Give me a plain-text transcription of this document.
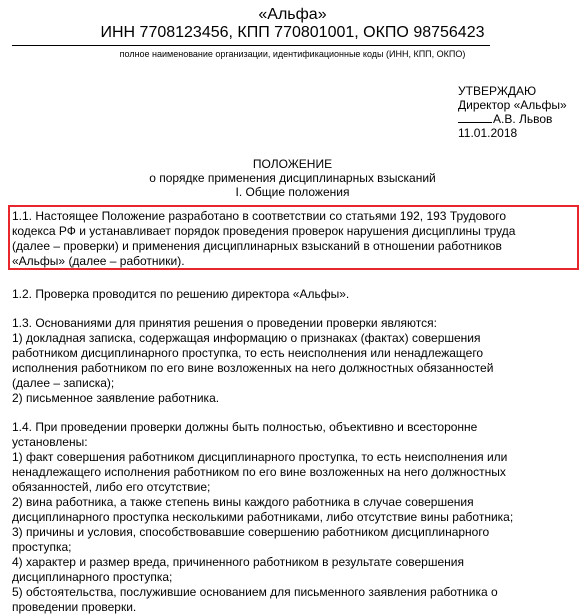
«Альфа»
ИНН 7708123456, КПП 770801001, ОКПО 98756423
полное наименование организации, идентификационные коды (ИНН, КПП, ОКПО)
УТВЕРЖДАЮ
Директор «Альфы»
А.В. Львов
11.01.2018
ПОЛОЖЕНИЕ
о порядке применения дисциплинарных взысканий
I. Общие положения

1.1. Настоящее Положение разработано в соответствии со статьями 192, 193 Трудового
кодекса РФ и устанавливает порядок проведения проверок нарушения дисциплины труда
(далее – проверки) и применения дисциплинарных взысканий в отношении работников
«Альфы» (далее – работники).

1.2. Проверка проводится по решению директора «Альфы».

1.3. Основаниями для принятия решения о проведении проверки являются:
1) докладная записка, содержащая информацию о признаках (фактах) совершения
работником дисциплинарного проступка, то есть неисполнения или ненадлежащего
исполнения работником по его вине возложенных на него должностных обязанностей
(далее – записка);
2) письменное заявление работника.

1.4. При проведении проверки должны быть полностью, объективно и всесторонне
установлены:
1) факт совершения работником дисциплинарного проступка, то есть неисполнения или
ненадлежащего исполнения работником по его вине возложенных на него должностных
обязанностей, либо его отсутствие;
2) вина работника, а также степень вины каждого работника в случае совершения
дисциплинарного проступка несколькими работниками, либо отсутствие вины работника;
3) причины и условия, способствовавшие совершению работником дисциплинарного
проступка;
4) характер и размер вреда, причиненного работником в результате совершения
дисциплинарного проступка;
5) обстоятельства, послужившие основанием для письменного заявления работника о
проведении проверки.
